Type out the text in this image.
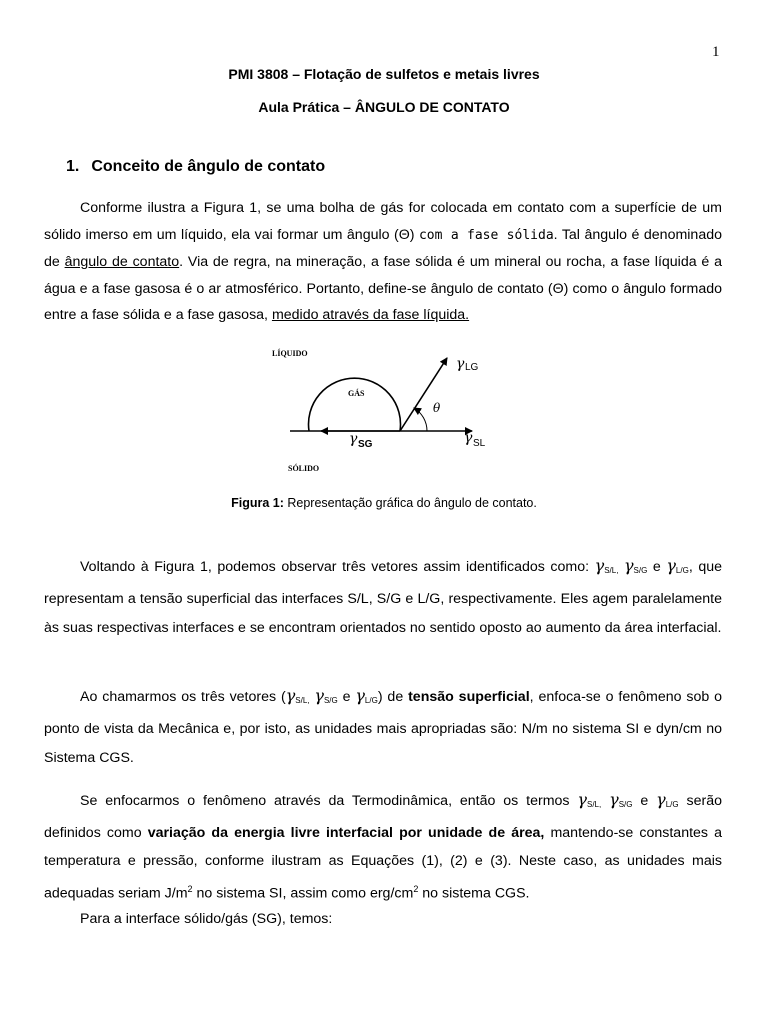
1
PMI 3808 – Flotação de sulfetos e metais livres
Aula Prática – ÂNGULO DE CONTATO
1. Conceito de ângulo de contato
Conforme ilustra a Figura 1, se uma bolha de gás for colocada em contato com a superfície de um sólido imerso em um líquido, ela vai formar um ângulo (Θ) com a fase sólida. Tal ângulo é denominado de ângulo de contato. Via de regra, na mineração, a fase sólida é um mineral ou rocha, a fase líquida é a água e a fase gasosa é o ar atmosférico. Portanto, define-se ângulo de contato (Θ) como o ângulo formado entre a fase sólida e a fase gasosa, medido através da fase líquida.
LÍQUIDO
GÁS
SÓLIDO
γ LG
γ SG	γ SL
θ
Figura 1: Representação gráfica do ângulo de contato.
Voltando à Figura 1, podemos observar três vetores assim identificados como: $\gamma_{S/L,}$ $\gamma_{S/G}$ e $\gamma_{L/G}$, que representam a tensão superficial das interfaces S/L, S/G e L/G, respectivamente. Eles agem paralelamente às suas respectivas interfaces e se encontram orientados no sentido oposto ao aumento da área interfacial.
Ao chamarmos os três vetores ($\gamma_{S/L,}$ $\gamma_{S/G}$ e $\gamma_{L/G}$) de tensão superficial, enfoca-se o fenômeno sob o ponto de vista da Mecânica e, por isto, as unidades mais apropriadas são: N/m no sistema SI e dyn/cm no Sistema CGS.
Se enfocarmos o fenômeno através da Termodinâmica, então os termos $\gamma_{S/L,}$ $\gamma_{S/G}$ e $\gamma_{L/G}$ serão definidos como variação da energia livre interfacial por unidade de área, mantendo-se constantes a temperatura e pressão, conforme ilustram as Equações (1), (2) e (3). Neste caso, as unidades mais adequadas seriam $J/m^2$ no sistema SI, assim como erg/$cm^2$ no sistema CGS.
Para a interface sólido/gás (SG), temos:
